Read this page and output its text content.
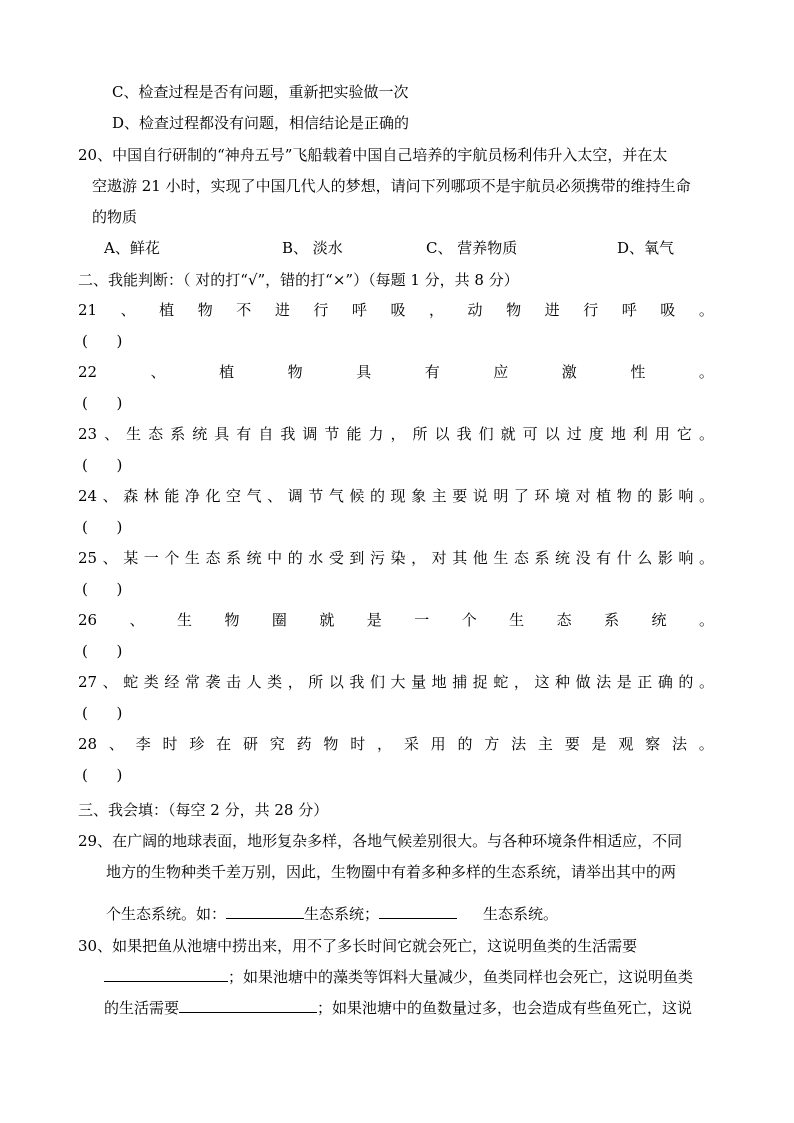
C、检查过程是否有问题，重新把实验做一次
D、检查过程都没有问题，相信结论是正确的
20、中国自行研制的“神舟五号”飞船载着中国自己培养的宇航员杨利伟升入太空，并在太
空遨游 21 小时，实现了中国几代人的梦想，请问下列哪项不是宇航员必须携带的维持生命
的物质
A、鲜花	B、 淡水	C、 营养物质	D、氧气
二、我能判断：（ 对的打“√”，错的打“×”）（每题 1 分，共 8 分）
21 、 植 物 不 进 行 呼 吸 ， 动 物 进 行 呼 吸 。
(      )
22	、	植	物	具	有	应	激	性	。
(      )
23 、 生 态 系 统 具 有 自 我 调 节 能 力 ， 所 以 我 们 就 可 以 过 度 地 利 用 它 。
(      )
24 、 森 林 能 净 化 空 气 、 调 节 气 候 的 现 象 主 要 说 明 了 环 境 对 植 物 的 影 响 。
(      )
25 、 某 一 个 生 态 系 统 中 的 水 受 到 污 染 ， 对 其 他 生 态 系 统 没 有 什 么 影 响 。
(      )
26 、 生 物 圈 就 是 一 个 生 态 系 统 。
(      )
27 、 蛇 类 经 常 袭 击 人 类 ， 所 以 我 们 大 量 地 捕 捉 蛇 ， 这 种 做 法 是 正 确 的 。
(      )
28 、 李 时 珍 在 研 究 药 物 时 ， 采 用 的 方 法 主 要 是 观 察 法 。
(      )
三、我会填：（每空 2 分，共 28 分）
29、在广阔的地球表面，地形复杂多样，各地气候差别很大。与各种环境条件相适应，不同
地方的生物种类千差万别，因此，生物圈中有着多种多样的生态系统，请举出其中的两
个生态系统。如：	生态系统；	生态系统。
30、如果把鱼从池塘中捞出来，用不了多长时间它就会死亡，这说明鱼类的生活需要
；如果池塘中的藻类等饵料大量减少，鱼类同样也会死亡，这说明鱼类
的生活需要	；如果池塘中的鱼数量过多，也会造成有些鱼死亡，这说
